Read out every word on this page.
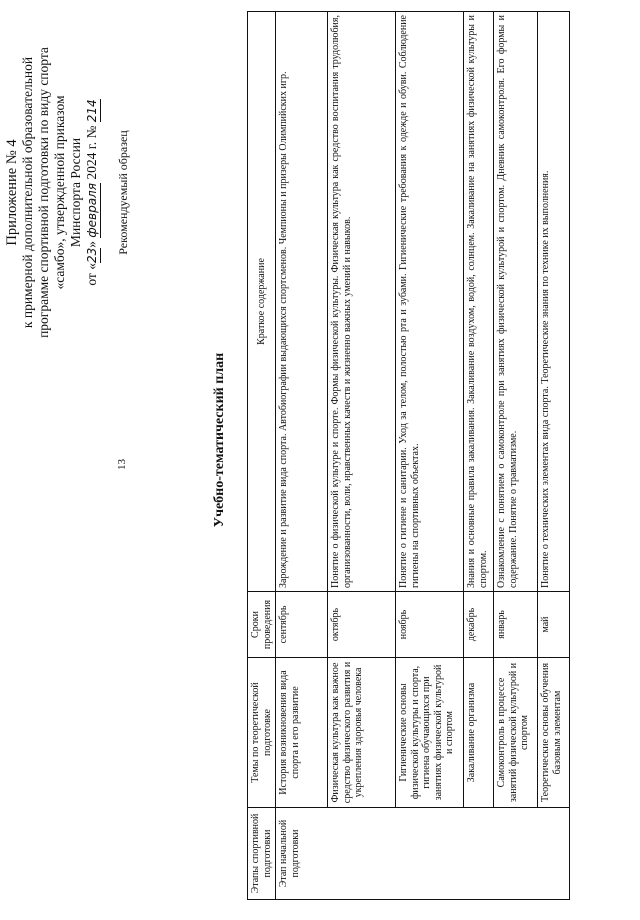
13
Приложение № 4 к примерной дополнительной образовательной программе спортивной подготовки по виду спорта «самбо», утвержденной приказом Минспорта России
от «23» февраля 2024 г. № 214
Рекомендуемый образец
Учебно-тематический план
Этапы спортивной подготовки	Темы по теоретической подготовке	Сроки проведения	Краткое содержание
Этап начальной подготовки	История возникновения вида спорта и его развитие	сентябрь	Зарождение и развитие вида спорта. Автобиографии выдающихся спортсменов. Чемпионы и призеры Олимпийских игр.
	Физическая культура как важное средство физического развития и укрепления здоровья человека	октябрь	Понятие о физической культуре и спорте. Формы физической культуры. Физическая культура как средство воспитания трудолюбия, организованности, воли, нравственных качеств и жизненно важных умений и навыков.
	Гигиенические основы физической культуры и спорта, гигиена обучающихся при занятиях физической культурой и спортом	ноябрь	Понятие о гигиене и санитарии. Уход за телом, полостью рта и зубами. Гигиенические требования к одежде и обуви. Соблюдение гигиены на спортивных объектах.
	Закаливание организма	декабрь	Знания и основные правила закаливания. Закаливание воздухом, водой, солнцем. Закаливание на занятиях физической культуры и спортом.
	Самоконтроль в процессе занятий физической культурой и спортом	январь	Ознакомление с понятием о самоконтроле при занятиях физической культурой и спортом. Дневник самоконтроля. Его формы и содержание. Понятие о травматизме.
	Теоретические основы обучения базовым элементам	май	Понятие о технических элементах вида спорта. Теоретические знания по технике их выполнения.
